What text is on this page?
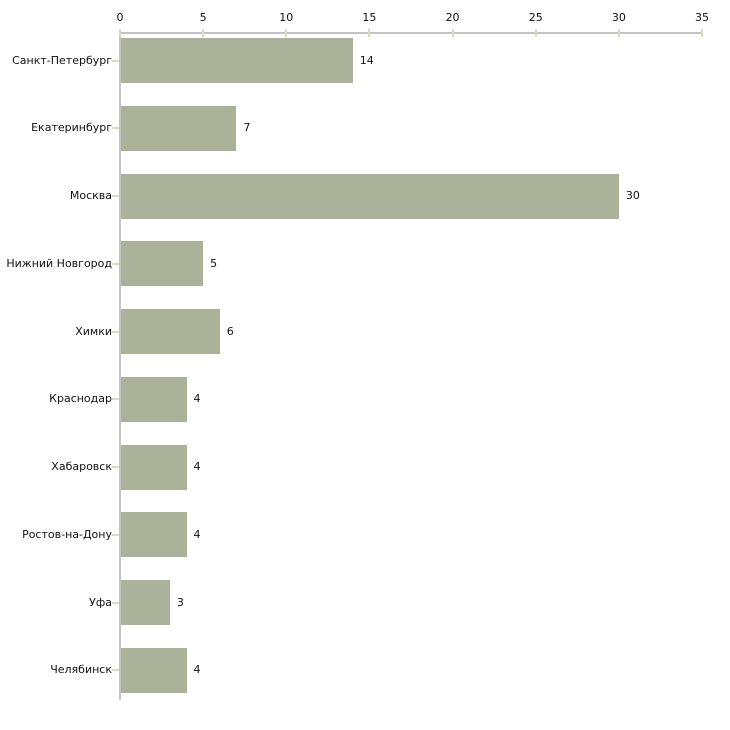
0	5	10	15	20	25	30	35
Санкт-Петербург	14
Екатеринбург	7
Москва	30
Нижний Новгород	5
Химки	6
Краснодар	4
Хабаровск	4
Ростов-на-Дону	4
Уфа	3
Челябинск	4
